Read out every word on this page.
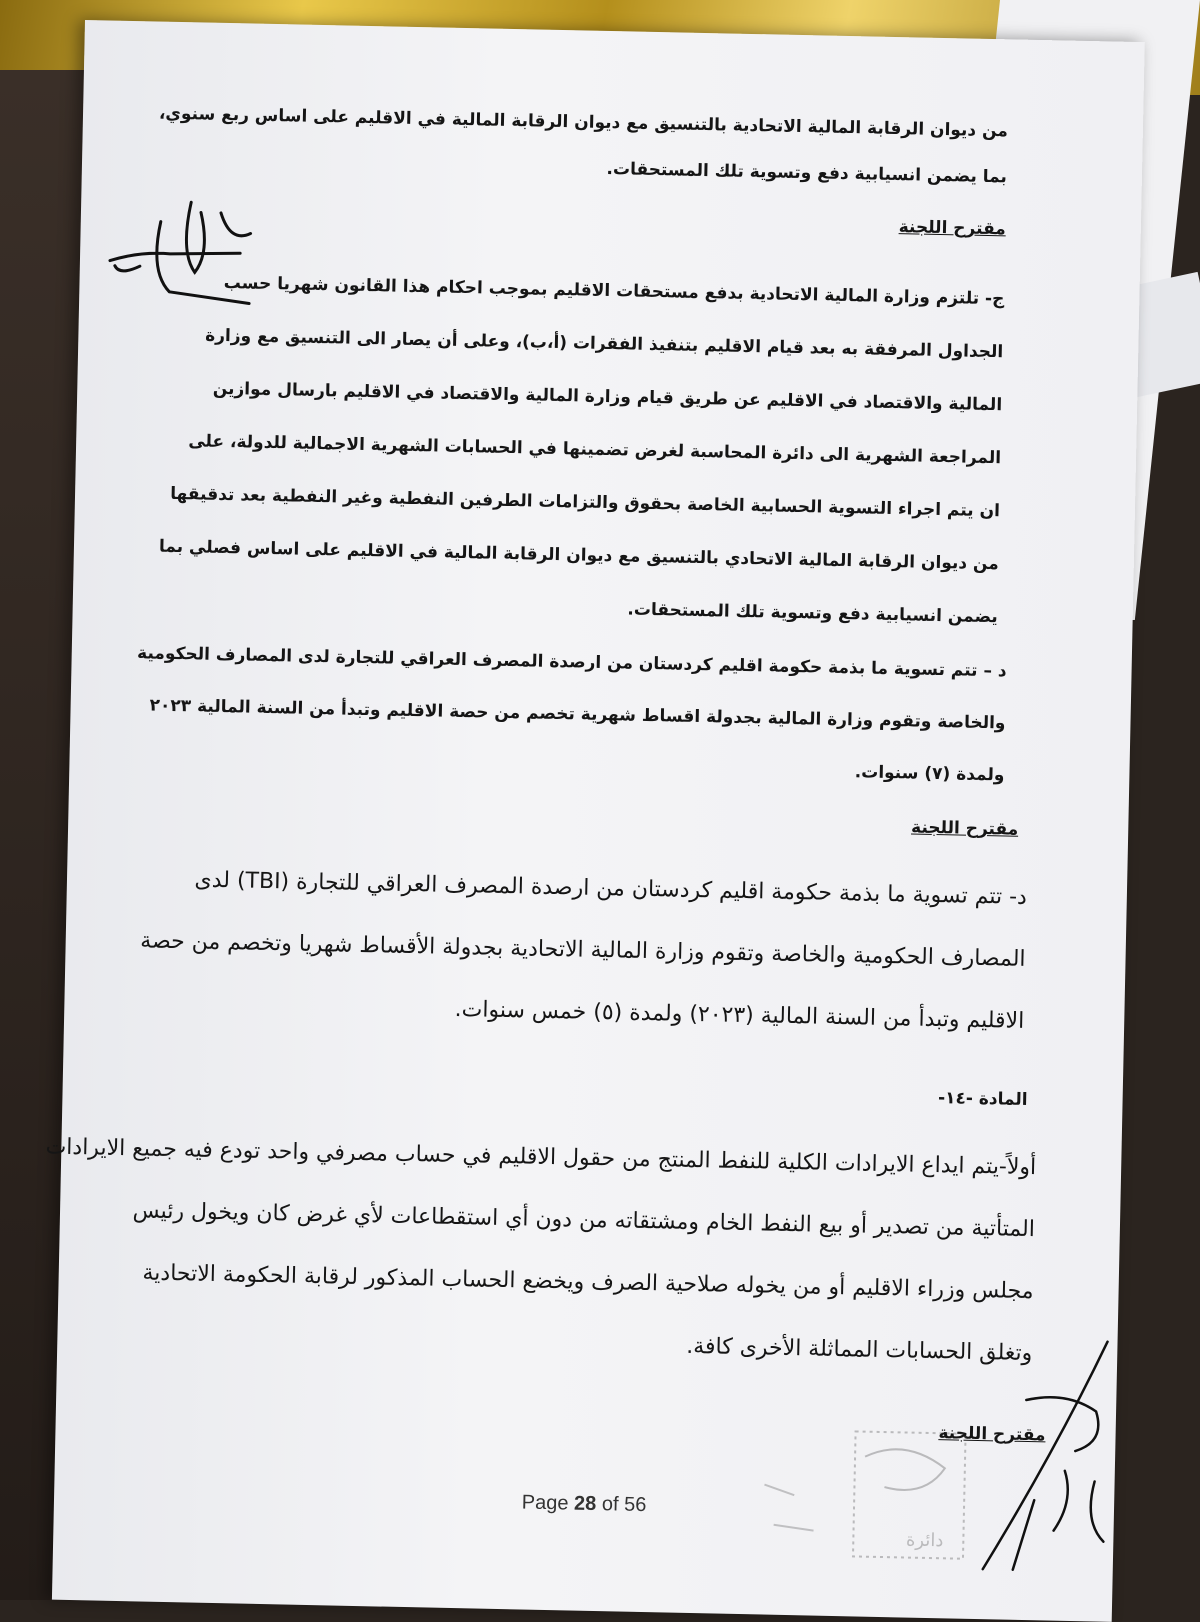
من ديوان الرقابة المالية الاتحادية بالتنسيق مع ديوان الرقابة المالية في الاقليم على اساس ربع سنوي،
بما يضمن انسيابية دفع وتسوية تلك المستحقات.
مقترح اللجنة
ج- تلتزم وزارة المالية الاتحادية بدفع مستحقات الاقليم بموجب احكام هذا القانون شهريا حسب
الجداول المرفقة به بعد قيام الاقليم بتنفيذ الفقرات (أ،ب)، وعلى أن يصار الى التنسيق مع وزارة
المالية والاقتصاد في الاقليم عن طريق قيام وزارة المالية والاقتصاد في الاقليم بارسال موازين
المراجعة الشهرية الى دائرة المحاسبة لغرض تضمينها في الحسابات الشهرية الاجمالية للدولة، على
ان يتم اجراء التسوية الحسابية الخاصة بحقوق والتزامات الطرفين النفطية وغير النفطية بعد تدقيقها
من ديوان الرقابة المالية الاتحادي بالتنسيق مع ديوان الرقابة المالية في الاقليم على اساس فصلي بما
يضمن انسيابية دفع وتسوية تلك المستحقات.
د – تتم تسوية ما بذمة حكومة اقليم كردستان من ارصدة المصرف العراقي للتجارة لدى المصارف الحكومية
والخاصة وتقوم وزارة المالية بجدولة اقساط شهرية تخصم من حصة الاقليم وتبدأ من السنة المالية ٢٠٢٣
ولمدة (٧) سنوات.
مقترح اللجنة
د- تتم تسوية ما بذمة حكومة اقليم كردستان من ارصدة المصرف العراقي للتجارة (TBI) لدى
المصارف الحكومية والخاصة وتقوم وزارة المالية الاتحادية بجدولة الأقساط شهريا وتخصم من حصة
الاقليم وتبدأ من السنة المالية (٢٠٢٣) ولمدة (٥) خمس سنوات.
المادة -١٤-
أولاً-يتم ايداع الايرادات الكلية للنفط المنتج من حقول الاقليم في حساب مصرفي واحد تودع فيه جميع الايرادات
المتأتية من تصدير أو بيع النفط الخام ومشتقاته من دون أي استقطاعات لأي غرض كان ويخول رئيس
مجلس وزراء الاقليم أو من يخوله صلاحية الصرف ويخضع الحساب المذكور لرقابة الحكومة الاتحادية
وتغلق الحسابات المماثلة الأخرى كافة.
مقترح اللجنة
Page 28 of 56
دائرة
